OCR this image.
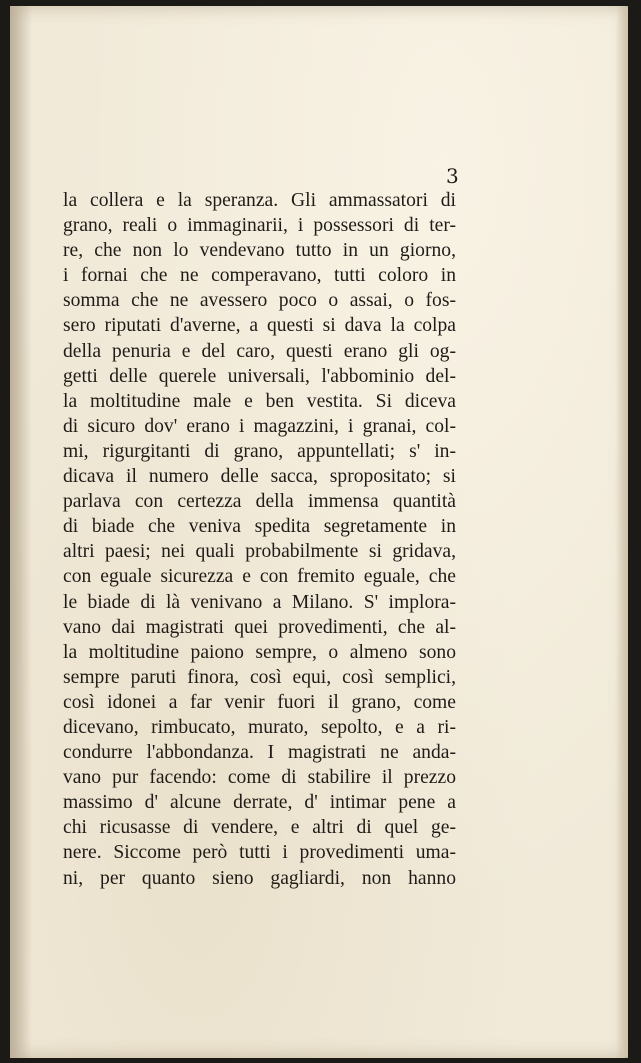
3
la collera e la speranza. Gli ammassatori di
grano, reali o immaginarii, i possessori di ter-
re, che non lo vendevano tutto in un giorno,
i fornai che ne comperavano, tutti coloro in
somma che ne avessero poco o assai, o fos-
sero riputati d'averne, a questi si dava la colpa
della penuria e del caro, questi erano gli og-
getti delle querele universali, l'abbominio del-
la moltitudine male e ben vestita. Si diceva
di sicuro dov' erano i magazzini, i granai, col-
mi, rigurgitanti di grano, appuntellati; s' in-
dicava il numero delle sacca, spropositato; si
parlava con certezza della immensa quantità
di biade che veniva spedita segretamente in
altri paesi; nei quali probabilmente si gridava,
con eguale sicurezza e con fremito eguale, che
le biade di là venivano a Milano. S' implora-
vano dai magistrati quei provedimenti, che al-
la moltitudine paiono sempre, o almeno sono
sempre paruti finora, così equi, così semplici,
così idonei a far venir fuori il grano, come
dicevano, rimbucato, murato, sepolto, e a ri-
condurre l'abbondanza. I magistrati ne anda-
vano pur facendo: come di stabilire il prezzo
massimo d' alcune derrate, d' intimar pene a
chi ricusasse di vendere, e altri di quel ge-
nere. Siccome però tutti i provedimenti uma-
ni, per quanto sieno gagliardi, non hanno
